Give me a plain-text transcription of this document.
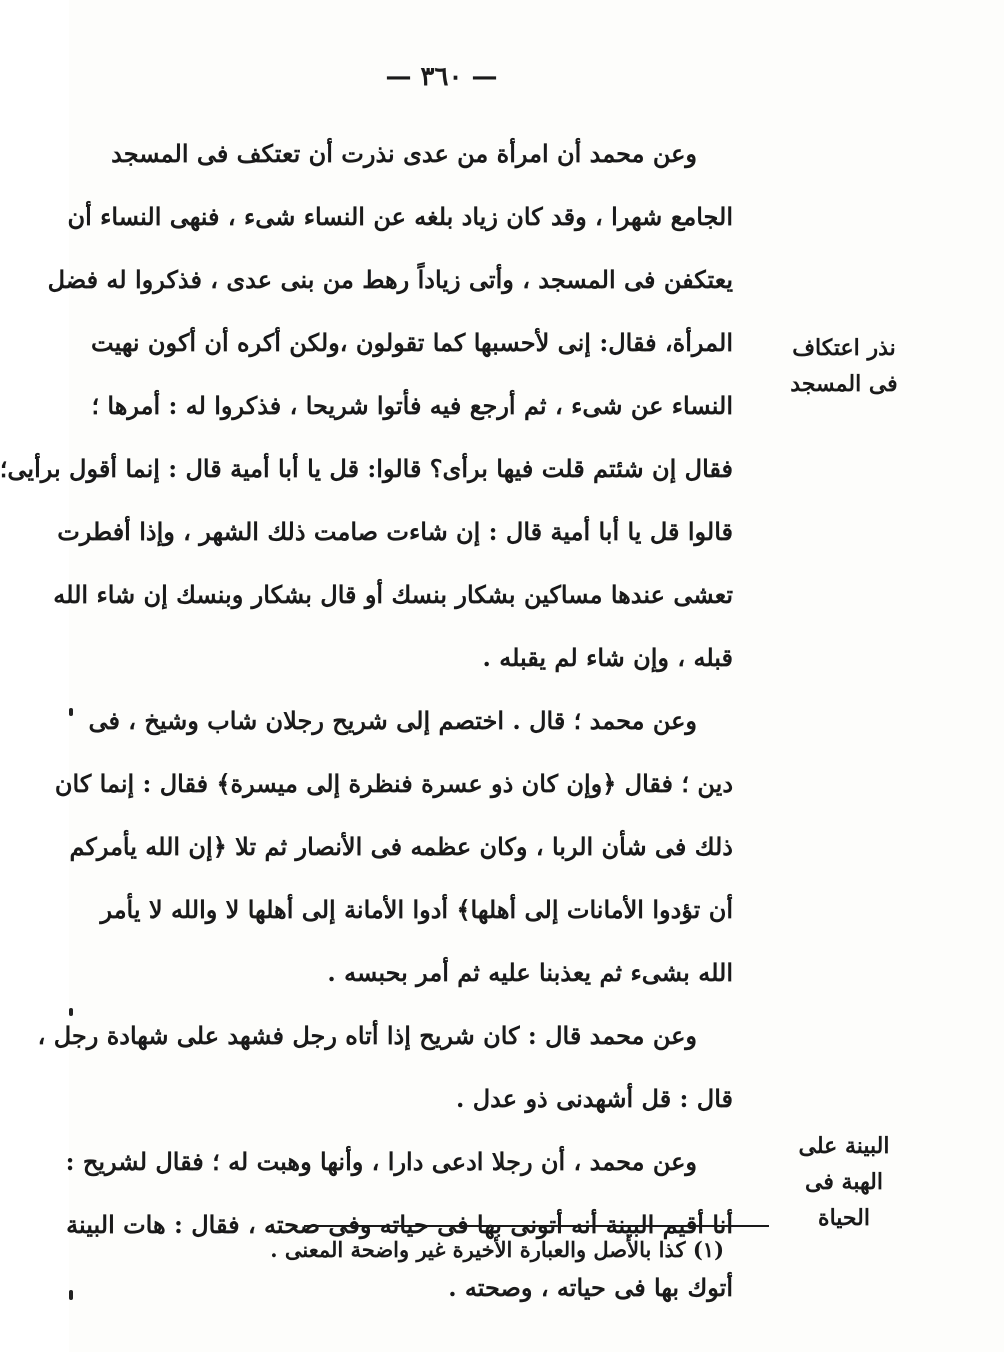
— ٣٦٠ —
وعن محمد أن امرأة من عدى نذرت أن تعتكف فى المسجد
الجامع شهرا ، وقد كان زياد بلغه عن النساء شىء ، فنهى النساء أن
يعتكفن فى المسجد ، وأتى زياداً رهط من بنى عدى ، فذكروا له فضل
المرأة، فقال: إنى لأحسبها كما تقولون ،ولكن أكره أن أكون نهيت
النساء عن شىء ، ثم أرجع فيه فأتوا شريحا ، فذكروا له : أمرها ؛
فقال إن شئتم قلت فيها برأى؟ قالوا: قل يا أبا أمية قال : إنما أقول برأيى؛
قالوا قل يا أبا أمية قال : إن شاءت صامت ذلك الشهر ، وإذا أفطرت
تعشى عندها مساكين بشكار بنسك أو قال بشكار وبنسك إن شاء الله
قبله ، وإن شاء لم يقبله .
وعن محمد ؛ قال . اختصم إلى شريح رجلان شاب وشيخ ، فى
دين ؛ فقال ﴿وإن كان ذو عسرة فنظرة إلى ميسرة﴾ فقال : إنما كان
ذلك فى شأن الربا ، وكان عظمه فى الأنصار ثم تلا ﴿إن الله يأمركم
أن تؤدوا الأمانات إلى أهلها﴾ أدوا الأمانة إلى أهلها لا والله لا يأمر
الله بشىء ثم يعذبنا عليه ثم أمر بحبسه .
وعن محمد قال : كان شريح إذا أتاه رجل فشهد على شهادة رجل ،
قال : قل أشهدنى ذو عدل .
وعن محمد ، أن رجلا ادعى دارا ، وأنها وهبت له ؛ فقال لشريح :
أنا أقيم البينة أنه أتونى بها فى حياته وفى صحته ، فقال : هات البينة
أتوك بها فى حياته ، وصحته .
نذر اعتكاف
فى المسجد
البينة على
الهبة فى الحياة
(١) كذا بالأصل والعبارة الأخيرة غير واضحة المعنى .
